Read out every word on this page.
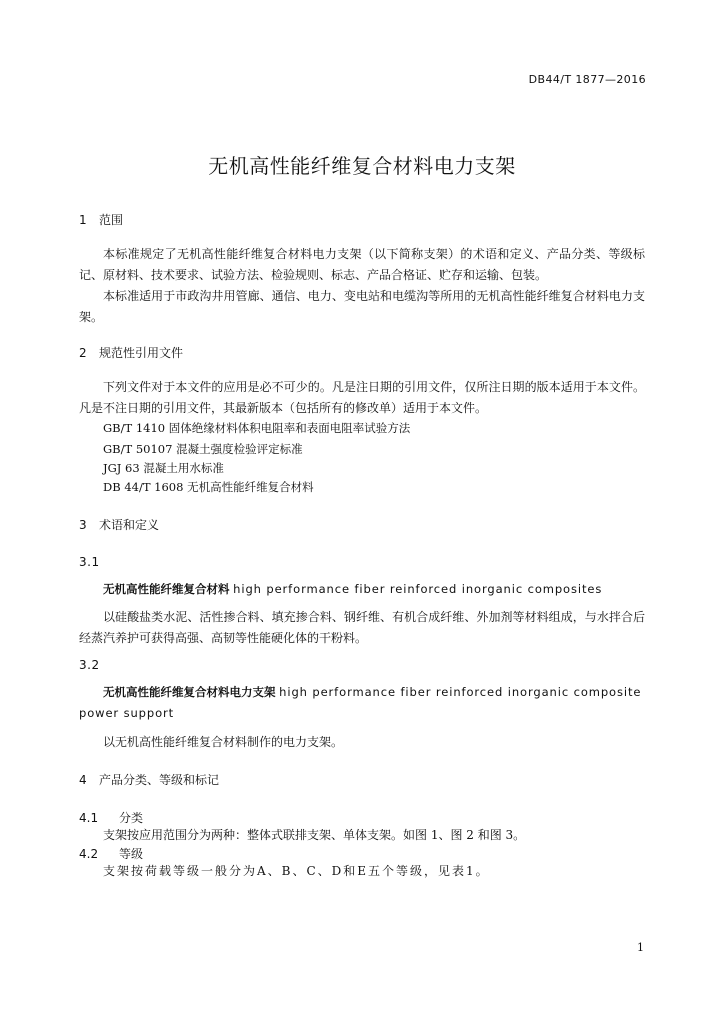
DB44/T 1877—2016
无机高性能纤维复合材料电力支架
1 范围
本标准规定了无机高性能纤维复合材料电力支架（以下简称支架）的术语和定义、产品分类、等级标记、原材料、技术要求、试验方法、检验规则、标志、产品合格证、贮存和运输、包装。
本标准适用于市政沟井用管廊、通信、电力、变电站和电缆沟等所用的无机高性能纤维复合材料电力支架。
2 规范性引用文件
下列文件对于本文件的应用是必不可少的。凡是注日期的引用文件，仅所注日期的版本适用于本文件。凡是不注日期的引用文件，其最新版本（包括所有的修改单）适用于本文件。
GB/T 1410 固体绝缘材料体积电阻率和表面电阻率试验方法
GB/T 50107 混凝土强度检验评定标准
JGJ 63 混凝土用水标准
DB 44/T 1608 无机高性能纤维复合材料
3 术语和定义
3.1
无机高性能纤维复合材料 high performance fiber reinforced inorganic composites
以硅酸盐类水泥、活性掺合料、填充掺合料、钢纤维、有机合成纤维、外加剂等材料组成，与水拌合后经蒸汽养护可获得高强、高韧等性能硬化体的干粉料。
3.2
无机高性能纤维复合材料电力支架 high performance fiber reinforced inorganic composite power support
以无机高性能纤维复合材料制作的电力支架。
4 产品分类、等级和标记
4.1 分类
支架按应用范围分为两种：整体式联排支架、单体支架。如图 1、图 2 和图 3。
4.2 等级
支架按荷载等级一般分为A、B、C、D和E五个等级，见表1。
1
